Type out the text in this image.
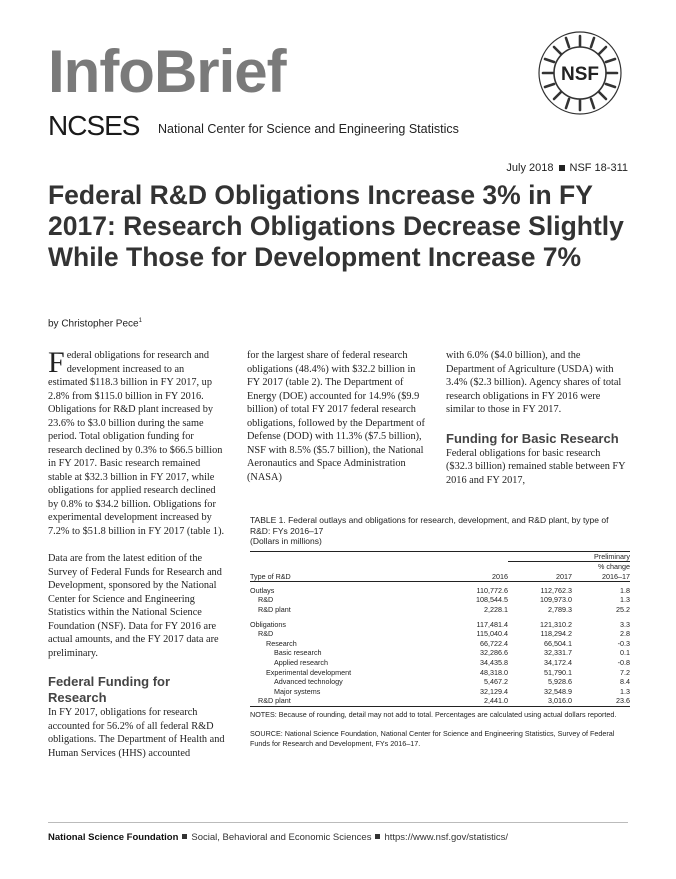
InfoBrief
NCSES National Center for Science and Engineering Statistics
NSF
July 2018 NSF 18-311
Federal R&D Obligations Increase 3% in FY 2017: Research Obligations Decrease Slightly While Those for Development Increase 7%
by Christopher Pece$^1$

Federal obligations for research and development increased to an estimated $118.3 billion in FY 2017, up 2.8% from $115.0 billion in FY 2016. Obligations for R&D plant increased by 23.6% to $3.0 billion during the same period. Total obligation funding for research declined by 0.3% to $66.5 billion in FY 2017. Basic research remained stable at $32.3 billion in FY 2017, while obligations for applied research declined by 0.8% to $34.2 billion. Obligations for experimental development increased by 7.2% to $51.8 billion in FY 2017 (table 1).

Data are from the latest edition of the Survey of Federal Funds for Research and Development, sponsored by the National Center for Science and Engineering Statistics within the National Science Foundation (NSF). Data for FY 2016 are actual amounts, and the FY 2017 data are preliminary.

Federal Funding for Research

In FY 2017, obligations for research accounted for 56.2% of all federal R&D obligations. The Department of Health and Human Services (HHS) accounted

for the largest share of federal research obligations (48.4%) with $32.2 billion in FY 2017 (table 2). The Department of Energy (DOE) accounted for 14.9% ($9.9 billion) of total FY 2017 federal research obligations, followed by the Department of Defense (DOD) with 11.3% ($7.5 billion), NSF with 8.5% ($5.7 billion), the National Aeronautics and Space Administration (NASA)

with 6.0% ($4.0 billion), and the Department of Agriculture (USDA) with 3.4% ($2.3 billion). Agency shares of total research obligations in FY 2016 were similar to those in FY 2017.

Funding for Basic Research

Federal obligations for basic research ($32.3 billion) remained stable between FY 2016 and FY 2017,

TABLE 1. Federal outlays and obligations for research, development, and R&D plant, by type of R&D: FYs 2016–17
(Dollars in millions)
		Preliminary	
			% change
Type of R&D	2016	2017	2016–17

Outlays	110,772.6	112,762.3	1.8
R&D	108,544.5	109,973.0	1.3
R&D plant	2,228.1	2,789.3	25.2

Obligations	117,481.4	121,310.2	3.3
R&D	115,040.4	118,294.2	2.8
Research	66,722.4	66,504.1	-0.3
Basic research	32,286.6	32,331.7	0.1
Applied research	34,435.8	34,172.4	-0.8
Experimental development	48,318.0	51,790.1	7.2
Advanced technology	5,467.2	5,928.6	8.4
Major systems	32,129.4	32,548.9	1.3
R&D plant	2,441.0	3,016.0	23.6
NOTES: Because of rounding, detail may not add to total. Percentages are calculated using actual dollars reported.
SOURCE: National Science Foundation, National Center for Science and Engineering Statistics, Survey of Federal Funds for Research and Development, FYs 2016–17.
National Science Foundation Social, Behavioral and Economic Sciences https://www.nsf.gov/statistics/
